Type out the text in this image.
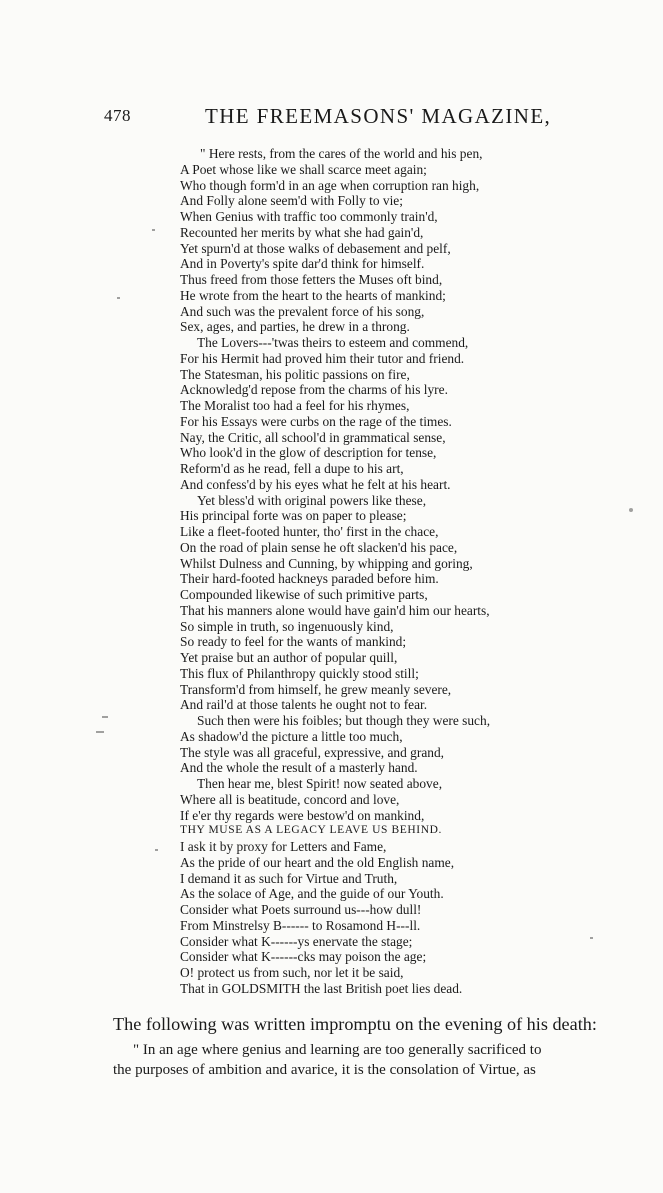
478	THE FREEMASONS' MAGAZINE,
" Here rests, from the cares of the world and his pen,
A Poet whose like we shall scarce meet again;
Who though form'd in an age when corruption ran high,
And Folly alone seem'd with Folly to vie;
When Genius with traffic too commonly train'd,
Recounted her merits by what she had gain'd,
Yet spurn'd at those walks of debasement and pelf,
And in Poverty's spite dar'd think for himself.
Thus freed from those fetters the Muses oft bind,
He wrote from the heart to the hearts of mankind;
And such was the prevalent force of his song,
Sex, ages, and parties, he drew in a throng.
The Lovers---'twas theirs to esteem and commend,
For his Hermit had proved him their tutor and friend.
The Statesman, his politic passions on fire,
Acknowledg'd repose from the charms of his lyre.
The Moralist too had a feel for his rhymes,
For his Essays were curbs on the rage of the times.
Nay, the Critic, all school'd in grammatical sense,
Who look'd in the glow of description for tense,
Reform'd as he read, fell a dupe to his art,
And confess'd by his eyes what he felt at his heart.
Yet bless'd with original powers like these,
His principal forte was on paper to please;
Like a fleet-footed hunter, tho' first in the chace,
On the road of plain sense he oft slacken'd his pace,
Whilst Dulness and Cunning, by whipping and goring,
Their hard-footed hackneys paraded before him.
Compounded likewise of such primitive parts,
That his manners alone would have gain'd him our hearts,
So simple in truth, so ingenuously kind,
So ready to feel for the wants of mankind;
Yet praise but an author of popular quill,
This flux of Philanthropy quickly stood still;
Transform'd from himself, he grew meanly severe,
And rail'd at those talents he ought not to fear.
Such then were his foibles; but though they were such,
As shadow'd the picture a little too much,
The style was all graceful, expressive, and grand,
And the whole the result of a masterly hand.
Then hear me, blest Spirit! now seated above,
Where all is beatitude, concord and love,
If e'er thy regards were bestow'd on mankind,
THY MUSE AS A LEGACY LEAVE US BEHIND.
I ask it by proxy for Letters and Fame,
As the pride of our heart and the old English name,
I demand it as such for Virtue and Truth,
As the solace of Age, and the guide of our Youth.
Consider what Poets surround us---how dull!
From Minstrelsy B------ to Rosamond H---ll.
Consider what K------ys enervate the stage;
Consider what K------cks may poison the age;
O! protect us from such, nor let it be said,
That in GOLDSMITH the last British poet lies dead.
The following was written impromptu on the evening of his death:
" In an age where genius and learning are too generally sacrificed to
the purposes of ambition and avarice, it is the consolation of Virtue, as
